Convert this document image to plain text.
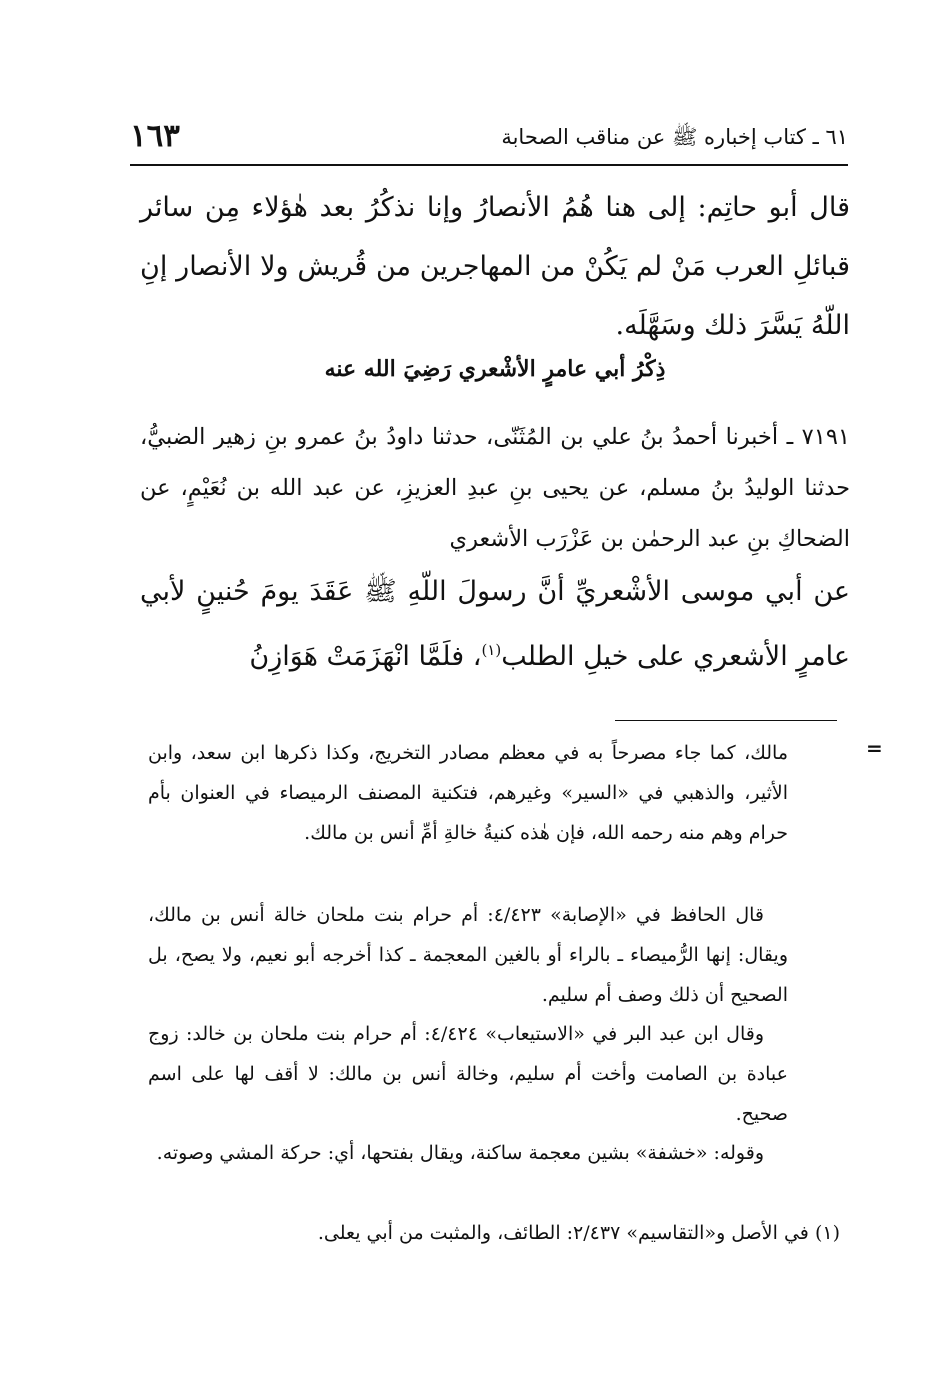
٦١ ـ كتاب إخباره ﷺ عن مناقب الصحابة
١٦٣
قال أبو حاتِم: إلى هنا هُمُ الأنصارُ وإنا نذكُرُ بعد هٰؤلاء مِن سائر قبائلِ العرب مَنْ لم يَكُنْ من المهاجرين من قُريش ولا الأنصار إنِ اللّهُ يَسَّرَ ذلك وسَهَّلَه.
ذِكْرُ أبي عامرٍ الأشْعري رَضِيَ الله عنه
٧١٩١ ـ أخبرنا أحمدُ بنُ علي بن المُثَنّى، حدثنا داودُ بنُ عمرو بنِ زهير الضبيُّ، حدثنا الوليدُ بنُ مسلم، عن يحيى بنِ عبدِ العزيزِ، عن عبد الله بن نُعَيْمٍ، عن الضحاكِ بنِ عبد الرحمٰن بن عَزْرَب الأشعري
عن أبي موسى الأشْعريِّ أنَّ رسولَ اللّهِ ﷺ عَقَدَ يومَ حُنينٍ لأبي عامرٍ الأشعري على خيلِ الطلب$^{(١)}$، فلَمَّا انْهَزَمَتْ هَوَازِنُ
=
مالك، كما جاء مصرحاً به في معظم مصادر التخريج، وكذا ذكرها ابن سعد، وابن الأثير، والذهبي في «السير» وغيرهم، فتكنية المصنف الرميصاء في العنوان بأم حرام وهم منه رحمه الله، فإن هٰذه كنيةُ خالةِ أمِّ أنس بن مالك.
قال الحافظ في «الإصابة» ٤/٤٢٣: أم حرام بنت ملحان خالة أنس بن مالك، ويقال: إنها الرُّميصاء ـ بالراء أو بالغين المعجمة ـ كذا أخرجه أبو نعيم، ولا يصح، بل الصحيح أن ذلك وصف أم سليم.
وقال ابن عبد البر في «الاستيعاب» ٤/٤٢٤: أم حرام بنت ملحان بن خالد: زوج عبادة بن الصامت وأخت أم سليم، وخالة أنس بن مالك: لا أقف لها على اسم صحيح.
وقوله: «خشفة» بشين معجمة ساكنة، ويقال بفتحها، أي: حركة المشي وصوته.
(١) في الأصل و«التقاسيم» ٢/٤٣٧: الطائف، والمثبت من أبي يعلى.
